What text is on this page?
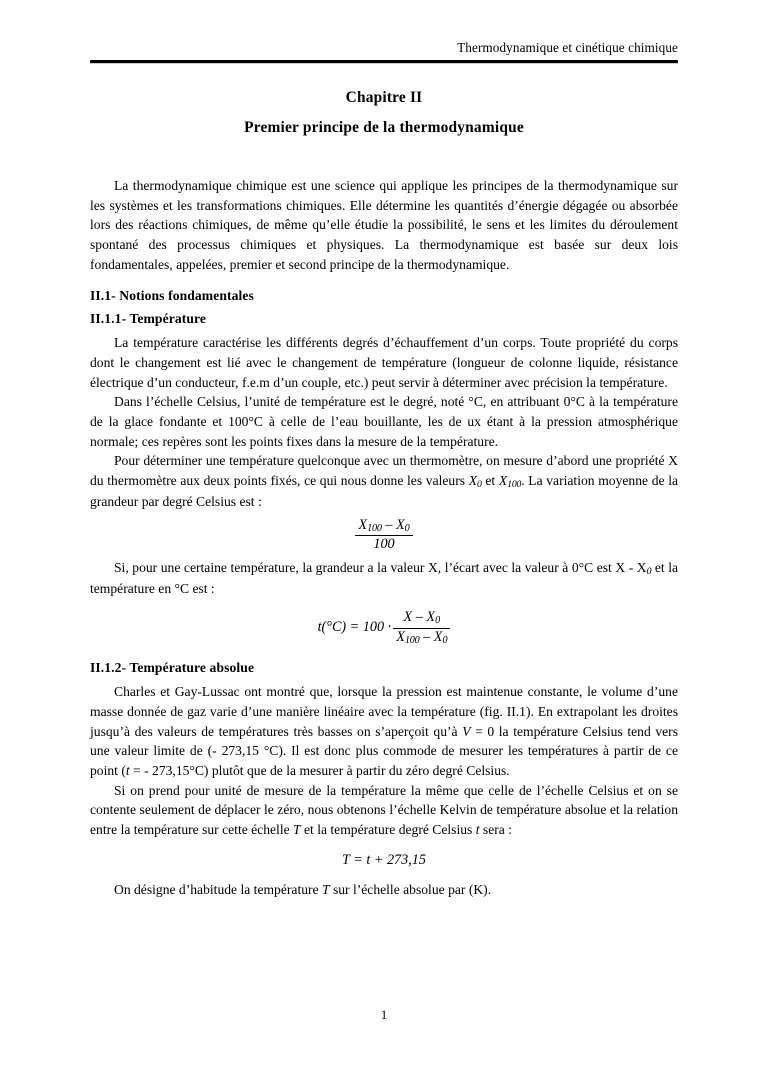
Thermodynamique et cinétique chimique
Chapitre II
Premier principe de la thermodynamique

La thermodynamique chimique est une science qui applique les principes de la thermodynamique sur les systèmes et les transformations chimiques. Elle détermine les quantités d’énergie dégagée ou absorbée lors des réactions chimiques, de même qu’elle étudie la possibilité, le sens et les limites du déroulement spontané des processus chimiques et physiques. La thermodynamique est basée sur deux lois fondamentales, appelées, premier et second principe de la thermodynamique.

II.1- Notions fondamentales
II.1.1- Température

La température caractérise les différents degrés d’échauffement d’un corps. Toute propriété du corps dont le changement est lié avec le changement de température (longueur de colonne liquide, résistance électrique d’un conducteur, f.e.m d’un couple, etc.) peut servir à déterminer avec précision la température.

Dans l’échelle Celsius, l’unité de température est le degré, noté °C, en attribuant 0°C à la température de la glace fondante et 100°C à celle de l’eau bouillante, les de ux étant à la pression atmosphérique normale; ces repères sont les points fixes dans la mesure de la température.

Pour déterminer une température quelconque avec un thermomètre, on mesure d’abord une propriété X du thermomètre aux deux points fixés, ce qui nous donne les valeurs $X_0$ et $X_{100}$. La variation moyenne de la grandeur par degré Celsius est :

$\frac{X_{100} - X_0}{100}$

Si, pour une certaine température, la grandeur a la valeur X, l’écart avec la valeur à 0°C est X - $X_0$ et la température en °C est :

$t(^\circ C) = 100 \cdot \frac{X - X_0}{X_{100} - X_0}$
II.1.2- Température absolue

Charles et Gay-Lussac ont montré que, lorsque la pression est maintenue constante, le volume d’une masse donnée de gaz varie d’une manière linéaire avec la température (fig. II.1). En extrapolant les droites jusqu’à des valeurs de températures très basses on s’aperçoit qu’à V = 0 la température Celsius tend vers une valeur limite de (- 273,15 °C). Il est donc plus commode de mesurer les températures à partir de ce point (t = - 273,15°C) plutôt que de la mesurer à partir du zéro degré Celsius.

Si on prend pour unité de mesure de la température la même que celle de l’échelle Celsius et on se contente seulement de déplacer le zéro, nous obtenons l’échelle Kelvin de température absolue et la relation entre la température sur cette échelle T et la température degré Celsius t sera :

T = t + 273,15

On désigne d’habitude la température T sur l’échelle absolue par (K).

1
